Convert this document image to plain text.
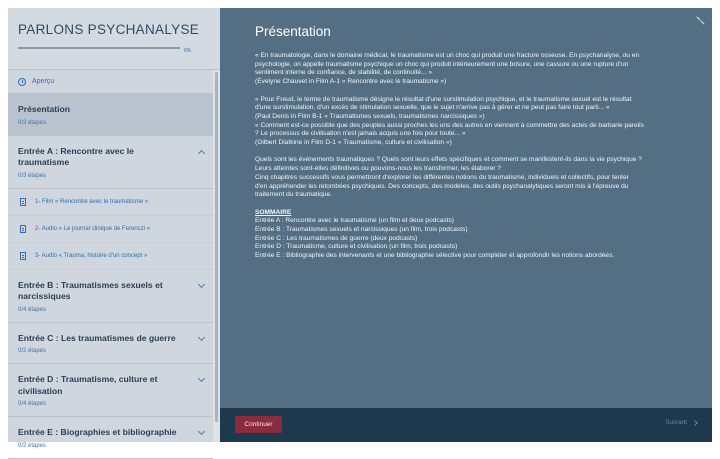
PARLONS PSYCHANALYSE
0%
Aperçu
Présentation
0/3 étapes
Entrée A : Rencontre avec le traumatisme
0/3 étapes
1- Film « Rencontre avec le traumatisme »
2- Audio « Le journal clinique de Ferenczi »
3- Audio « Trauma, histoire d'un concept »
Entrée B : Traumatismes sexuels et narcissiques
0/4 étapes
Entrée C : Les traumatismes de guerre
0/2 étapes
Entrée D : Traumatisme, culture et civilisation
0/4 étapes
Entrée E : Biographies et bibliographie
0/2 étapes
Présentation

« En traumatologie, dans le domaine médical, le traumatisme est un choc qui produit une fracture osseuse. En psychanalyse, ou en
psychologie, on appelle traumatisme psychique un choc qui produit intérieurement une brisure, une cassure ou une rupture d'un
sentiment interne de confiance, de stabilité, de continuité... »
(Évelyne Chauvet in Film A-1 « Rencontre avec le traumatisme »)

« Pour Freud, le terme de traumatisme désigne le résultat d'une surstimulation psychique, et le traumatisme sexuel est le résultat
d'une surstimulation, d'un excès de stimulation sexuelle, que le sujet n'arrive pas à gérer et ne peut pas faire tout parti... »
(Paul Denis in Film B-1 « Traumatismes sexuels, traumatismes narcissiques »)
« Comment est-ce possible que des peuples aussi proches les uns des autres en viennent à commettre des actes de barbarie pareils
? Le processus de civilisation n'est jamais acquis une fois pour toute... »
(Gilbert Diatkine in Film D-1 « Traumatisme, culture et civilisation »)

Quels sont les événements traumatiques ? Quels sont leurs effets spécifiques et comment se manifestent-ils dans la vie psychique ?
Leurs atteintes sont-elles définitives ou pouvons-nous les transformer, les élaborer ?
Cinq chapitres successifs vous permettront d'explorer les différentes notions du traumatisme, individuels et collectifs, pour tenter
d'en appréhender les retombées psychiques. Des concepts, des modèles, des outils psychanalytiques seront mis à l'épreuve du
traitement du traumatique.

SOMMAIRE
Entrée A : Rencontre avec le traumatisme (un film et deux podcasts)
Entrée B : Traumatismes sexuels et narcissiques (un film, trois podcasts)
Entrée C : Les traumatismes de guerre (deux podcasts)
Entrée D : Traumatisme, culture et civilisation (un film, trois podcasts)
Entrée E : Bibliographie des intervenants et une bibliographie sélective pour compléter et approfondir les notions abordées.

Continuer	Suivant
